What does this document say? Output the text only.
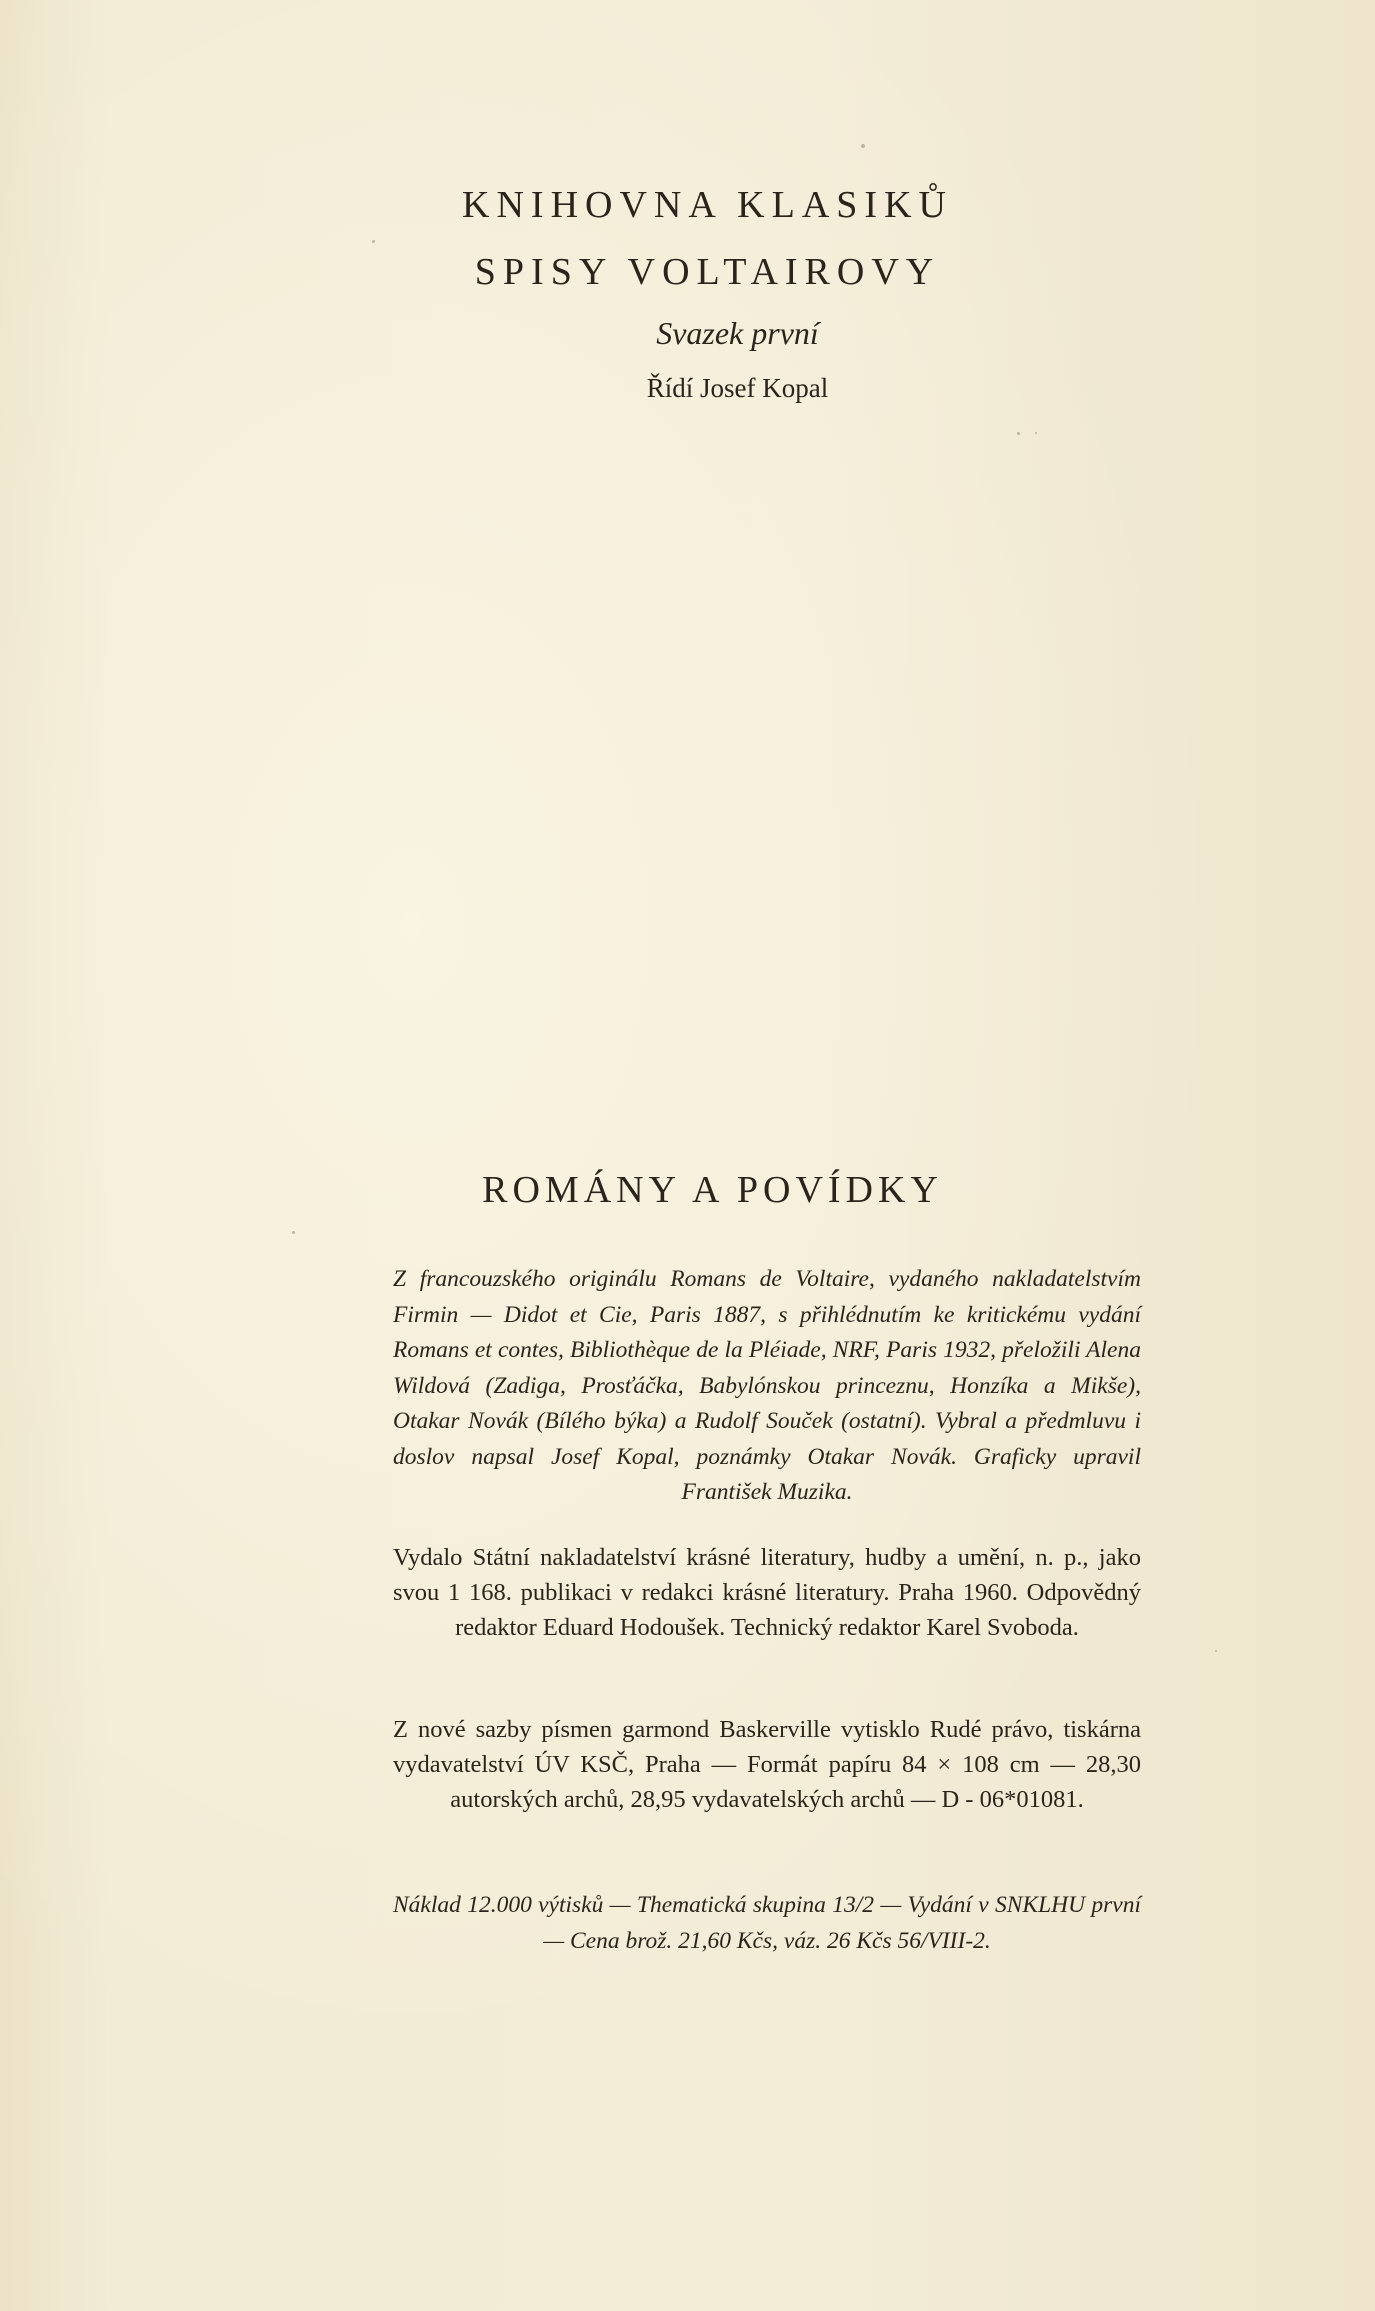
KNIHOVNA KLASIKŮ
SPISY VOLTAIROVY
Svazek první
Řídí Josef Kopal
ROMÁNY A POVÍDKY
Z francouzského originálu Romans de Voltaire, vydaného nakladatelstvím Firmin — Didot et Cie, Paris 1887, s přihlédnutím ke kritickému vydání Romans et contes, Bibliothèque de la Pléiade, NRF, Paris 1932, přeložili Alena Wildová (Zadiga, Prosťáčka, Babylónskou princeznu, Honzíka a Mikše), Otakar Novák (Bílého býka) a Rudolf Souček (ostatní). Vybral a předmluvu i doslov napsal Josef Kopal, poznámky Otakar Novák. Graficky upravil František Muzika.
Vydalo Státní nakladatelství krásné literatury, hudby a umění, n. p., jako svou 1 168. publikaci v redakci krásné literatury. Praha 1960. Odpovědný redaktor Eduard Hodoušek. Technický redaktor Karel Svoboda.
Z nové sazby písmen garmond Baskerville vytisklo Rudé právo, tiskárna vydavatelství ÚV KSČ, Praha — Formát papíru 84 × 108 cm — 28,30 autorských archů, 28,95 vydavatelských archů — D - 06*01081.
Náklad 12.000 výtisků — Thematická skupina 13/2 — Vydání v SNKLHU první — Cena brož. 21,60 Kčs, váz. 26 Kčs 56/VIII-2.
